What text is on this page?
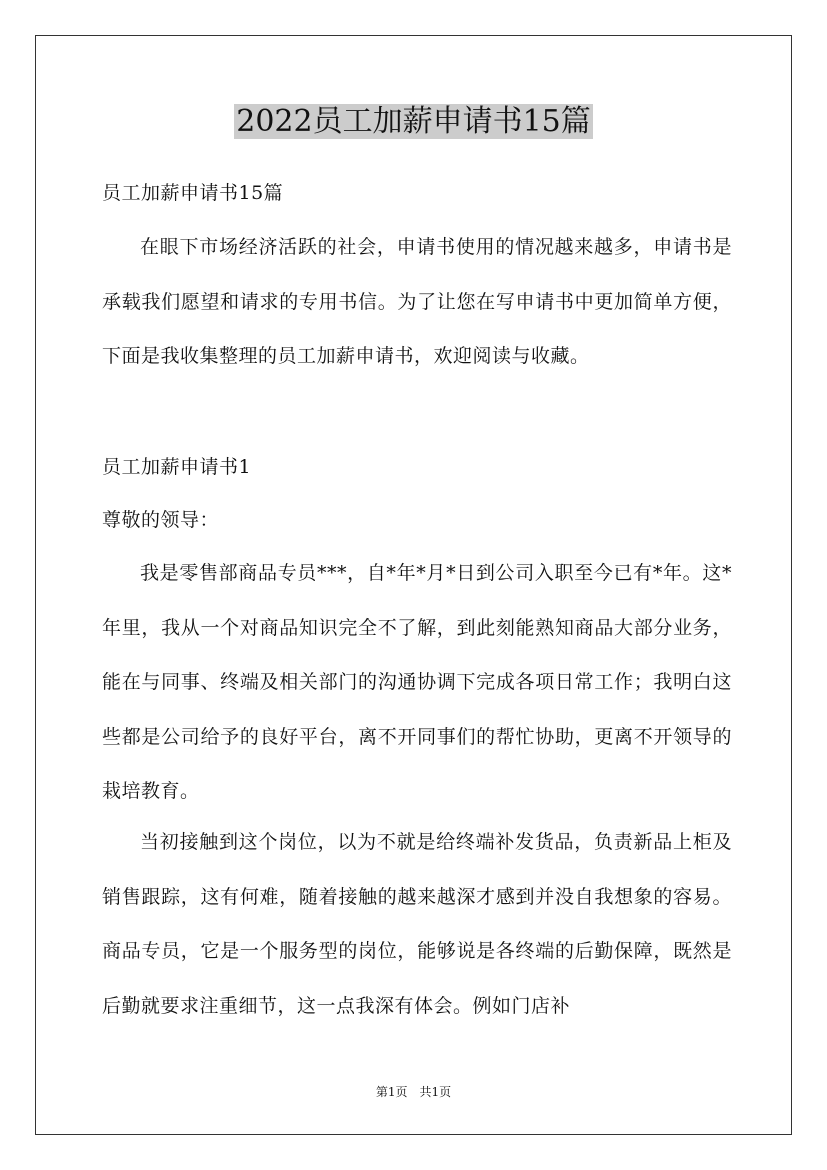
2022员工加薪申请书15篇

员工加薪申请书15篇

在眼下市场经济活跃的社会，申请书使用的情况越来越多，申请书是承载我们愿望和请求的专用书信。为了让您在写申请书中更加简单方便，下面是我收集整理的员工加薪申请书，欢迎阅读与收藏。

员工加薪申请书1

尊敬的领导：

我是零售部商品专员***，自*年*月*日到公司入职至今已有*年。这*年里，我从一个对商品知识完全不了解，到此刻能熟知商品大部分业务，能在与同事、终端及相关部门的沟通协调下完成各项日常工作；我明白这些都是公司给予的良好平台，离不开同事们的帮忙协助，更离不开领导的栽培教育。

当初接触到这个岗位，以为不就是给终端补发货品，负责新品上柜及销售跟踪，这有何难，随着接触的越来越深才感到并没自我想象的容易。商品专员，它是一个服务型的岗位，能够说是各终端的后勤保障，既然是后勤就要求注重细节，这一点我深有体会。例如门店补

第1页　共1页
